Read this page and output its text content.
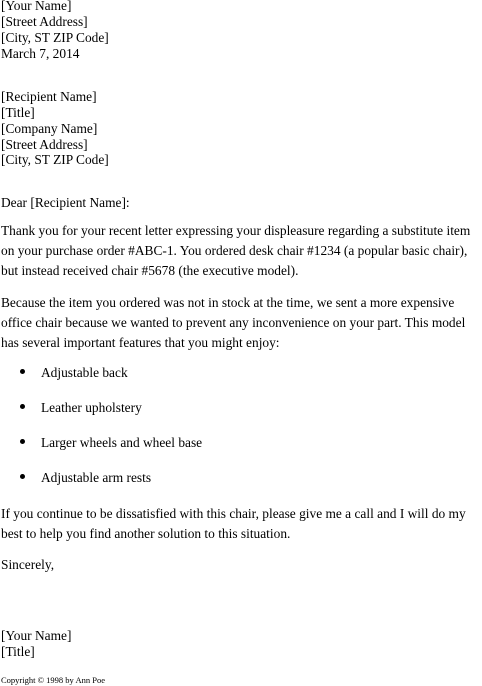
[Your Name]
[Street Address]
[City, ST ZIP Code]
March 7, 2014
[Recipient Name]
[Title]
[Company Name]
[Street Address]
[City, ST ZIP Code]
Dear [Recipient Name]:
Thank you for your recent letter expressing your displeasure regarding a substitute item on your purchase order #ABC-1. You ordered desk chair #1234 (a popular basic chair), but instead received chair #5678 (the executive model).
Because the item you ordered was not in stock at the time, we sent a more expensive office chair because we wanted to prevent any inconvenience on your part. This model has several important features that you might enjoy:
Adjustable back
Leather upholstery
Larger wheels and wheel base
Adjustable arm rests
If you continue to be dissatisfied with this chair, please give me a call and I will do my best to help you find another solution to this situation.
Sincerely,
[Your Name]
[Title]
Copyright © 1998 by Ann Poe
